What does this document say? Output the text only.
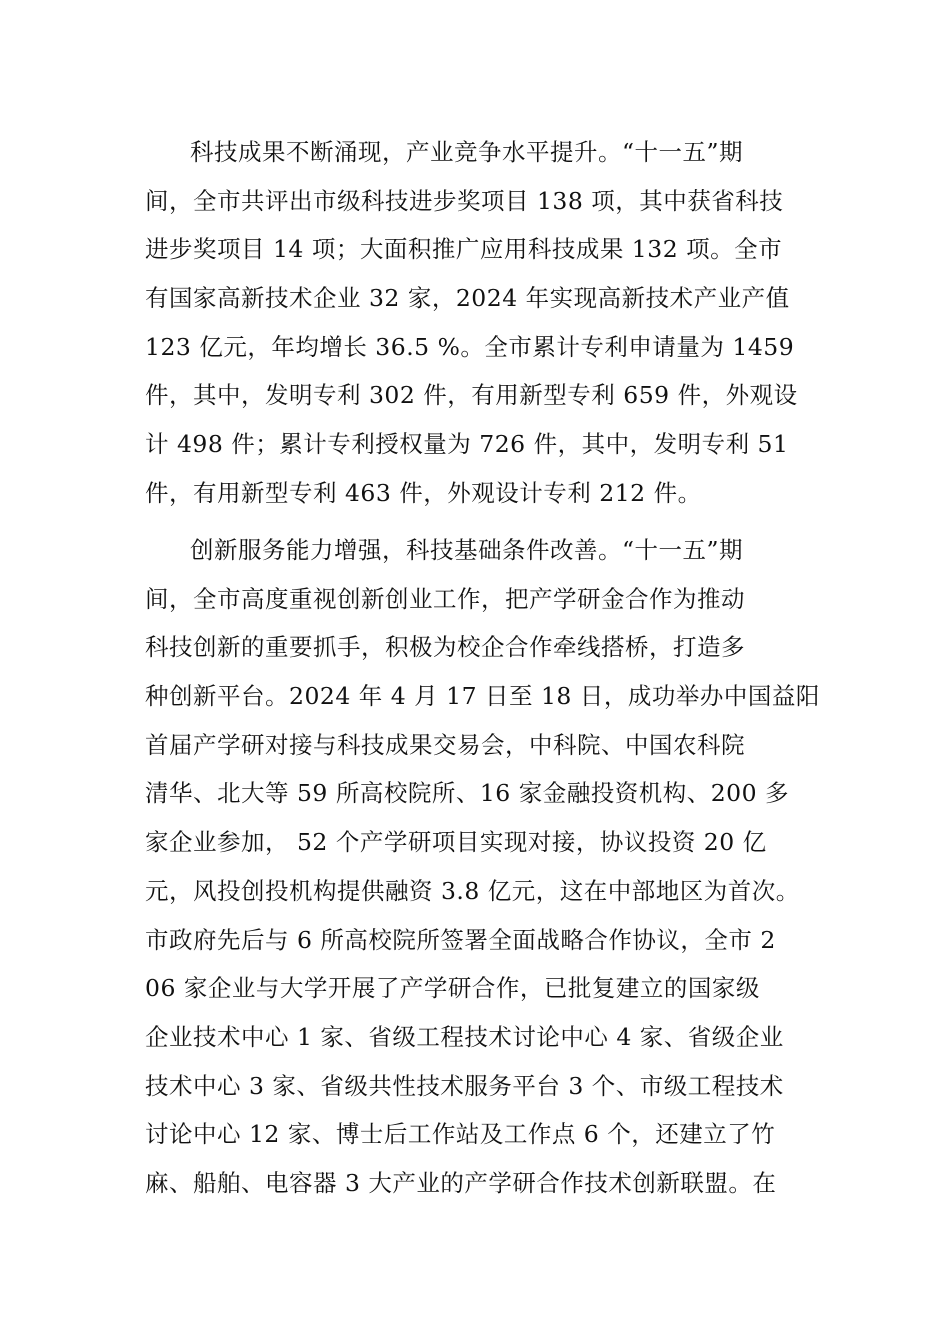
科技成果不断涌现，产业竞争水平提升。“十一五”期
间，全市共评出市级科技进步奖项目 138 项，其中获省科技
进步奖项目 14 项；大面积推广应用科技成果 132 项。全市
有国家高新技术企业 32 家，2024 年实现高新技术产业产值
123 亿元，年均增长 36.5 %。全市累计专利申请量为 1459
件，其中，发明专利 302 件，有用新型专利 659 件，外观设
计 498 件；累计专利授权量为 726 件，其中，发明专利 51
件，有用新型专利 463 件，外观设计专利 212 件。
创新服务能力增强，科技基础条件改善。“十一五”期
间，全市高度重视创新创业工作，把产学研金合作为推动
科技创新的重要抓手，积极为校企合作牵线搭桥，打造多
种创新平台。2024 年 4 月 17 日至 18 日，成功举办中国益阳
首届产学研对接与科技成果交易会，中科院、中国农科院
清华、北大等 59 所高校院所、16 家金融投资机构、200 多
家企业参加， 52 个产学研项目实现对接，协议投资 20 亿
元，风投创投机构提供融资 3.8 亿元，这在中部地区为首次。
市政府先后与 6 所高校院所签署全面战略合作协议，全市 2
06 家企业与大学开展了产学研合作，已批复建立的国家级
企业技术中心 1 家、省级工程技术讨论中心 4 家、省级企业
技术中心 3 家、省级共性技术服务平台 3 个、市级工程技术
讨论中心 12 家、博士后工作站及工作点 6 个，还建立了竹
麻、船舶、电容器 3 大产业的产学研合作技术创新联盟。在
